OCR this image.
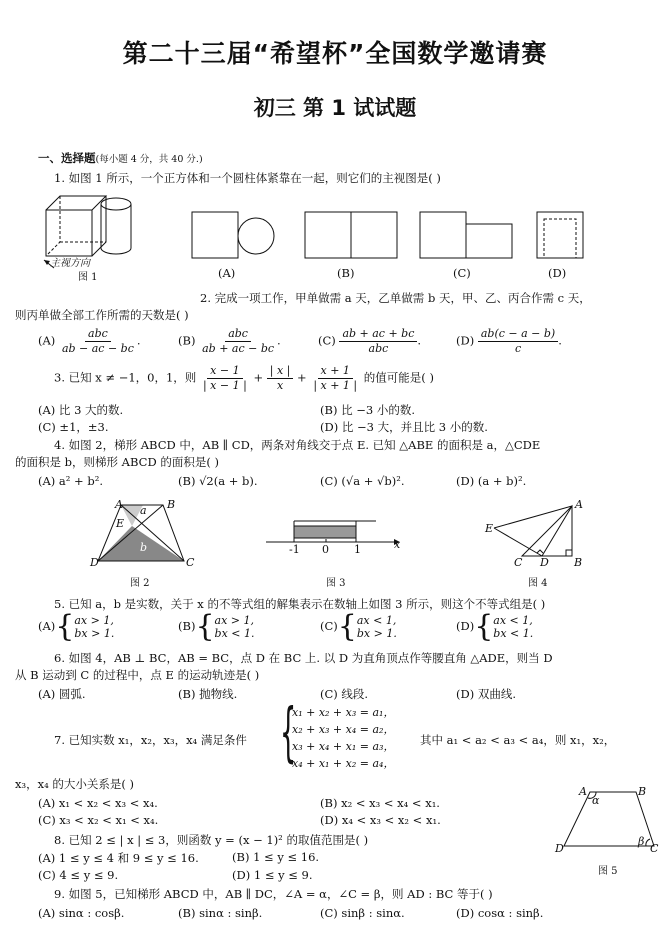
第二十三届“希望杯”全国数学邀请赛
初三 第 1 试试题
一、选择题(每小题 4 分，共 40 分.)
1. 如图 1 所示，一个正方体和一个圆柱体紧靠在一起，则它们的主视图是( )
主视方向
图 1	(A)	(B)	(C)	(D)
2. 完成一项工作，甲单做需 a 天，乙单做需 b 天，甲、乙、丙合作需 c 天，
则丙单做全部工作所需的天数是( )
$(A) \frac{\text{abc}}{ab - ac - bc}$ .	$(B) \frac{\text{abc}}{ab + ac - bc}$ .	$(C) \frac{ab + ac + bc}{\text{abc}}$ .	$(D) \frac{ab(c - a - b)}{c}$ .
3. 已知 x ≠ −1，0，1，则 $\frac{x - 1}{| x - 1 |} + \frac{| x |}{x} + \frac{x + 1}{| x + 1 |}$ 的值可能是( )
(A) 比 3 大的数.	(B) 比 −3 小的数.
(C) ±1，±3.	(D) 比 −3 大，并且比 3 小的数.
4. 如图 2，梯形 ABCD 中，AB ∥ CD，两条对角线交于点 E. 已知 △ABE 的面积是 a，△CDE
的面积是 b，则梯形 ABCD 的面积是( )
(A) a² + b².	(B) √2(a + b).	(C) (√a + √b)².	(D) (a + b)².
A	B
C
D
E
a
b
图 2
-1 0 1	x
图 3
A
B
C D
E
图 4
5. 已知 a，b 是实数，关于 x 的不等式组的解集表示在数轴上如图 3 所示，则这个不等式组是( )
(A){ ax > 1,
bx > 1.
(B){ ax > 1,
bx < 1.
(C){ ax < 1,
bx > 1.
(D){ ax < 1,
bx < 1.
6. 如图 4，AB ⊥ BC，AB = BC，点 D 在 BC 上. 以 D 为直角顶点作等腰直角 △ADE，则当 D
从 B 运动到 C 的过程中，点 E 的运动轨迹是( )
(A) 圆弧.	(B) 抛物线.	(C) 线段.	(D) 双曲线.
7. 已知实数 x₁，x₂，x₃，x₄ 满足条件 {
x₁ + x₂ + x₃ = a₁，
x₂ + x₃ + x₄ = a₂，
x₃ + x₄ + x₁ = a₃，
x₄ + x₁ + x₂ = a₄，
其中 a₁ < a₂ < a₃ < a₄，则 x₁，x₂，
x₃，x₄ 的大小关系是( )
(A) x₁ < x₂ < x₃ < x₄.	(B) x₂ < x₃ < x₄ < x₁.
(C) x₃ < x₂ < x₁ < x₄.	(D) x₄ < x₃ < x₂ < x₁.
A	B
C
D
α
β
图 5
8. 已知 2 ≤ | x | ≤ 3，则函数 y = (x − 1)² 的取值范围是( )
(A) 1 ≤ y ≤ 4 和 9 ≤ y ≤ 16.	(B) 1 ≤ y ≤ 16.
(C) 4 ≤ y ≤ 9.	(D) 1 ≤ y ≤ 9.
9. 如图 5，已知梯形 ABCD 中，AB ∥ DC，∠A = α，∠C = β，则 AD : BC 等于( )
(A) sinα : cosβ.	(B) sinα : sinβ.	(C) sinβ : sinα.	(D) cosα : sinβ.
